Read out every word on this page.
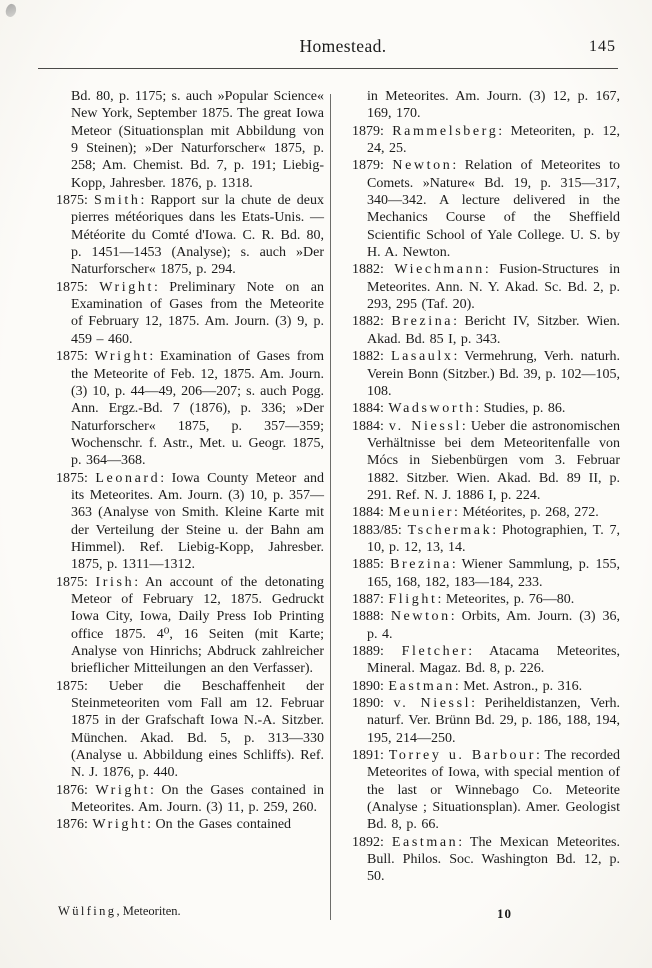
Homestead.	145

Bd. 80, p. 1175; s. auch »Popular Science« New York, September 1875. The great Iowa Meteor (Situationsplan mit Abbildung von 9 Steinen); »Der Naturforscher« 1875, p. 258; Am. Chemist. Bd. 7, p. 191; Liebig-Kopp, Jahresber. 1876, p. 1318.

1875: Smith: Rapport sur la chute de deux pierres météoriques dans les Etats-Unis. — Météorite du Comté d'Iowa. C. R. Bd. 80, p. 1451—1453 (Analyse); s. auch »Der Naturforscher« 1875, p. 294.

1875: Wright: Preliminary Note on an Examination of Gases from the Meteorite of February 12, 1875. Am. Journ. (3) 9, p. 459 – 460.

1875: Wright: Examination of Gases from the Meteorite of Feb. 12, 1875. Am. Journ. (3) 10, p. 44—49, 206—207; s. auch Pogg. Ann. Ergz.-Bd. 7 (1876), p. 336; »Der Naturforscher« 1875, p. 357—359; Wochenschr. f. Astr., Met. u. Geogr. 1875, p. 364—368.

1875: Leonard: Iowa County Meteor and its Meteorites. Am. Journ. (3) 10, p. 357—363 (Analyse von Smith. Kleine Karte mit der Verteilung der Steine u. der Bahn am Himmel). Ref. Liebig-Kopp, Jahresber. 1875, p. 1311—1312.

1875: Irish: An account of the detonating Meteor of February 12, 1875. Gedruckt Iowa City, Iowa, Daily Press Iob Printing office 1875. 4⁰, 16 Seiten (mit Karte; Analyse von Hinrichs; Abdruck zahlreicher brieflicher Mitteilungen an den Verfasser).

1875: Ueber die Beschaffenheit der Steinmeteoriten vom Fall am 12. Februar 1875 in der Grafschaft Iowa N.-A. Sitzber. München. Akad. Bd. 5, p. 313—330 (Analyse u. Abbildung eines Schliffs). Ref. N. J. 1876, p. 440.

1876: Wright: On the Gases contained in Meteorites. Am. Journ. (3) 11, p. 259, 260.

1876: Wright: On the Gases contained

in Meteorites. Am. Journ. (3) 12, p. 167, 169, 170.

1879: Rammelsberg: Meteoriten, p. 12, 24, 25.

1879: Newton: Relation of Meteorites to Comets. »Nature« Bd. 19, p. 315—317, 340—342. A lecture delivered in the Mechanics Course of the Sheffield Scientific School of Yale College. U. S. by H. A. Newton.

1882: Wiechmann: Fusion-Structures in Meteorites. Ann. N. Y. Akad. Sc. Bd. 2, p. 293, 295 (Taf. 20).

1882: Brezina: Bericht IV, Sitzber. Wien. Akad. Bd. 85 I, p. 343.

1882: Lasaulx: Vermehrung, Verh. naturh. Verein Bonn (Sitzber.) Bd. 39, p. 102—105, 108.

1884: Wadsworth: Studies, p. 86.

1884: v. Niessl: Ueber die astronomischen Verhältnisse bei dem Meteoritenfalle von Mócs in Siebenbürgen vom 3. Februar 1882. Sitzber. Wien. Akad. Bd. 89 II, p. 291. Ref. N. J. 1886 I, p. 224.

1884: Meunier: Météorites, p. 268, 272.

1883/85: Tschermak: Photographien, T. 7, 10, p. 12, 13, 14.

1885: Brezina: Wiener Sammlung, p. 155, 165, 168, 182, 183—184, 233.

1887: Flight: Meteorites, p. 76—80.

1888: Newton: Orbits, Am. Journ. (3) 36, p. 4.

1889: Fletcher: Atacama Meteorites, Mineral. Magaz. Bd. 8, p. 226.

1890: Eastman: Met. Astron., p. 316.

1890: v. Niessl: Periheldistanzen, Verh. naturf. Ver. Brünn Bd. 29, p. 186, 188, 194, 195, 214—250.

1891: Torrey u. Barbour: The recorded Meteorites of Iowa, with special mention of the last or Winnebago Co. Meteorite (Analyse ; Situationsplan). Amer. Geologist Bd. 8, p. 66.

1892: Eastman: The Mexican Meteorites. Bull. Philos. Soc. Washington Bd. 12, p. 50.

Wülfing, Meteoriten.	10
